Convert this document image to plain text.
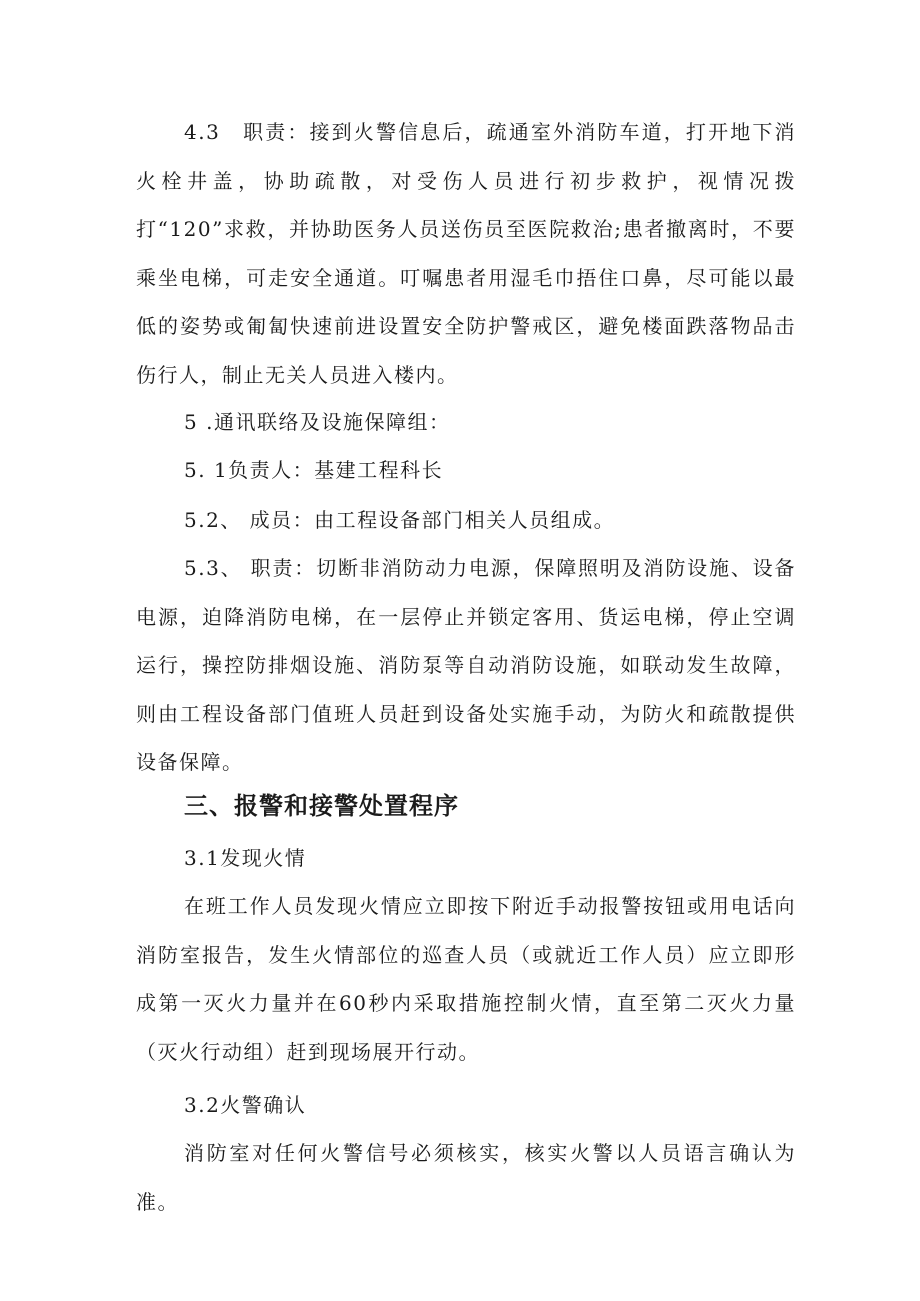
4.3　职责：接到火警信息后，疏通室外消防车道，打开地下消火栓井盖，协助疏散，对受伤人员进行初步救护，视情况拨打“120”求救，并协助医务人员送伤员至医院救治;患者撤离时，不要乘坐电梯，可走安全通道。叮嘱患者用湿毛巾捂住口鼻，尽可能以最低的姿势或匍匐快速前进设置安全防护警戒区，避免楼面跌落物品击伤行人，制止无关人员进入楼内。

5 .通讯联络及设施保障组：

5. 1负责人：基建工程科长

5.2、 成员：由工程设备部门相关人员组成。

5.3、 职责：切断非消防动力电源，保障照明及消防设施、设备电源，迫降消防电梯，在一层停止并锁定客用、货运电梯，停止空调运行，操控防排烟设施、消防泵等自动消防设施，如联动发生故障，则由工程设备部门值班人员赶到设备处实施手动，为防火和疏散提供设备保障。

三、报警和接警处置程序

3.1发现火情

在班工作人员发现火情应立即按下附近手动报警按钮或用电话向消防室报告，发生火情部位的巡查人员（或就近工作人员）应立即形成第一灭火力量并在60秒内采取措施控制火情，直至第二灭火力量（灭火行动组）赶到现场展开行动。

3.2火警确认

消防室对任何火警信号必须核实，核实火警以人员语言确认为准。
